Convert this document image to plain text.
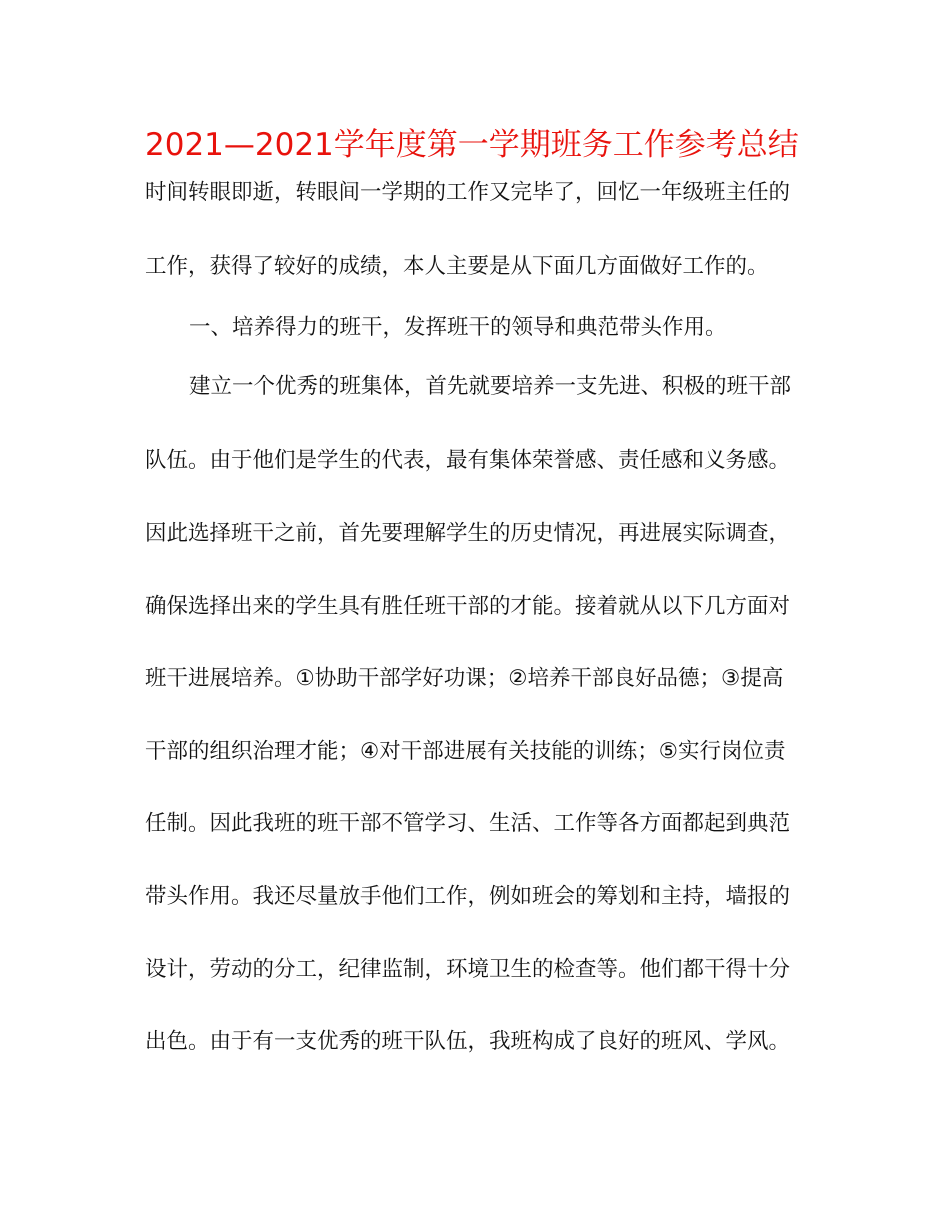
2021—2021学年度第一学期班务工作参考总结
时间转眼即逝，转眼间一学期的工作又完毕了，回忆一年级班主任的
工作，获得了较好的成绩，本人主要是从下面几方面做好工作的。
一、培养得力的班干，发挥班干的领导和典范带头作用。
建立一个优秀的班集体，首先就要培养一支先进、积极的班干部
队伍。由于他们是学生的代表，最有集体荣誉感、责任感和义务感。
因此选择班干之前，首先要理解学生的历史情况，再进展实际调查，
确保选择出来的学生具有胜任班干部的才能。接着就从以下几方面对
班干进展培养。①协助干部学好功课；②培养干部良好品德；③提高
干部的组织治理才能；④对干部进展有关技能的训练；⑤实行岗位责
任制。因此我班的班干部不管学习、生活、工作等各方面都起到典范
带头作用。我还尽量放手他们工作，例如班会的筹划和主持，墙报的
设计，劳动的分工，纪律监制，环境卫生的检查等。他们都干得十分
出色。由于有一支优秀的班干队伍，我班构成了良好的班风、学风。
